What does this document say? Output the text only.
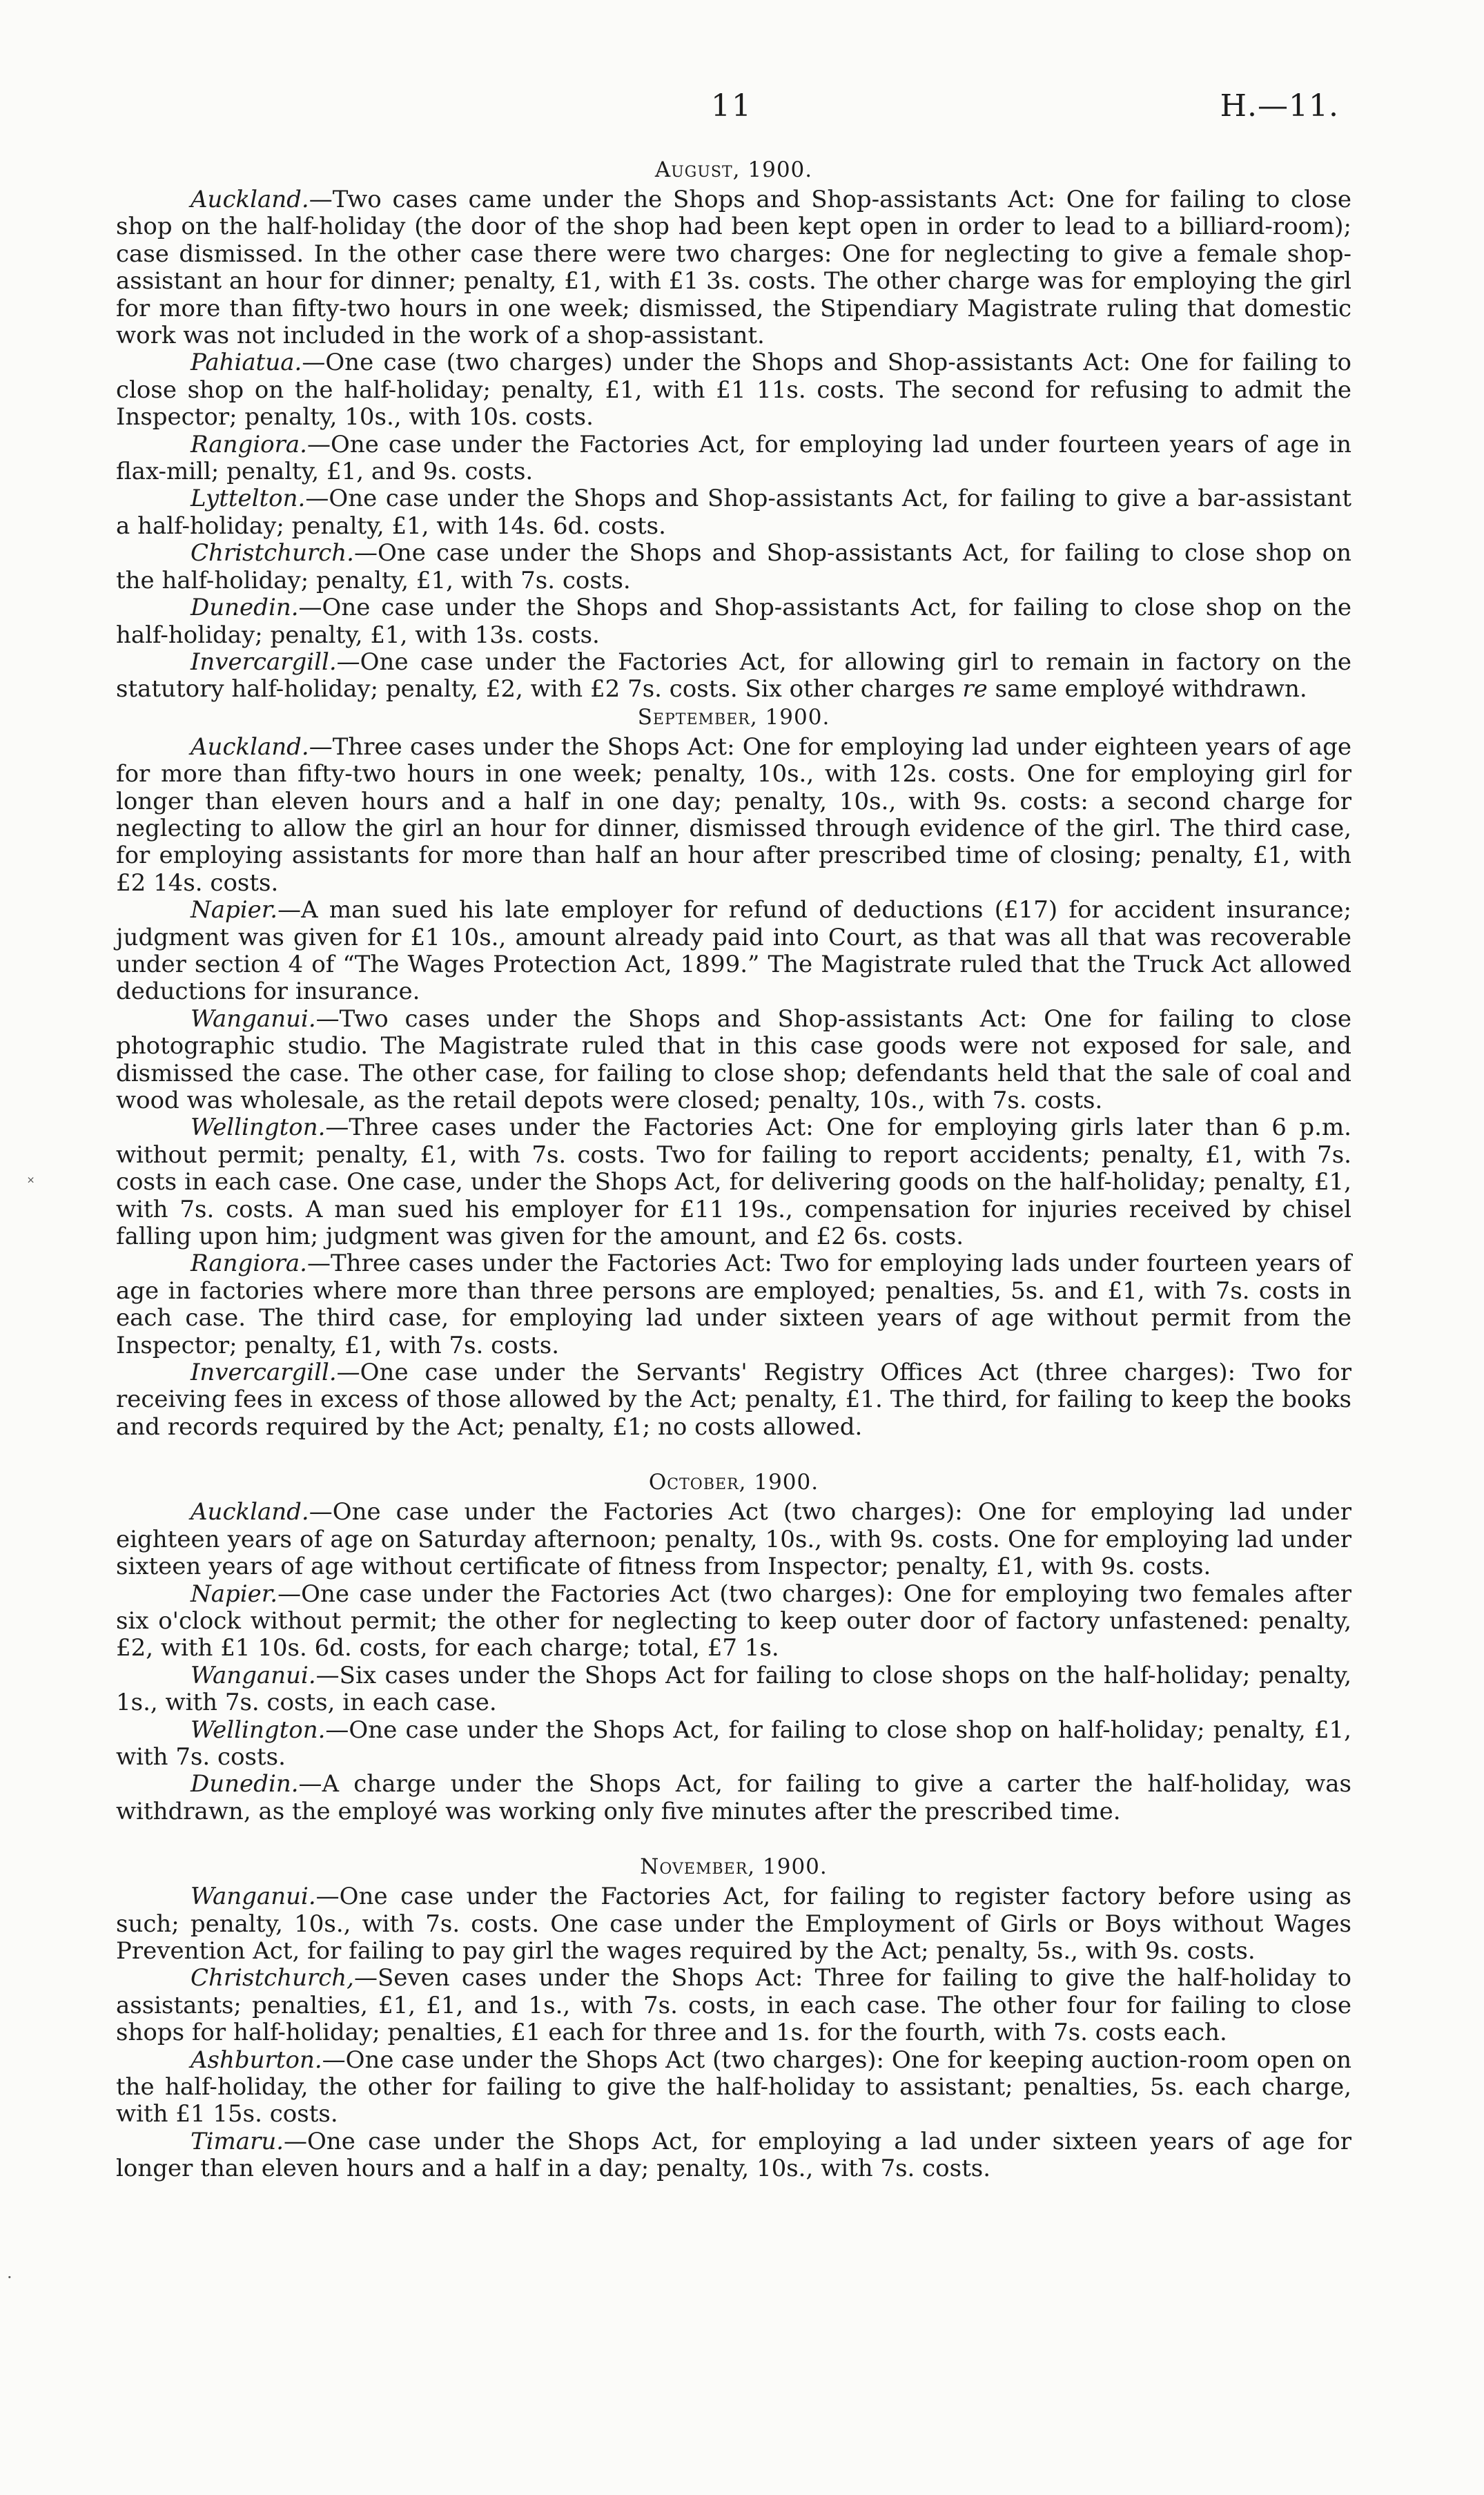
11	H.—11.
August, 1900.

Auckland.—Two cases came under the Shops and Shop-assistants Act: One for failing to close shop on the half-holiday (the door of the shop had been kept open in order to lead to a billiard-room); case dismissed. In the other case there were two charges: One for neglecting to give a female shop-assistant an hour for dinner; penalty, £1, with £1 3s. costs. The other charge was for employing the girl for more than fifty-two hours in one week; dismissed, the Stipendiary Magistrate ruling that domestic work was not included in the work of a shop-assistant.

Pahiatua.—One case (two charges) under the Shops and Shop-assistants Act: One for failing to close shop on the half-holiday; penalty, £1, with £1 11s. costs. The second for refusing to admit the Inspector; penalty, 10s., with 10s. costs.

Rangiora.—One case under the Factories Act, for employing lad under fourteen years of age in flax-mill; penalty, £1, and 9s. costs.

Lyttelton.—One case under the Shops and Shop-assistants Act, for failing to give a bar-assistant a half-holiday; penalty, £1, with 14s. 6d. costs.

Christchurch.—One case under the Shops and Shop-assistants Act, for failing to close shop on the half-holiday; penalty, £1, with 7s. costs.

Dunedin.—One case under the Shops and Shop-assistants Act, for failing to close shop on the half-holiday; penalty, £1, with 13s. costs.

Invercargill.—One case under the Factories Act, for allowing girl to remain in factory on the statutory half-holiday; penalty, £2, with £2 7s. costs. Six other charges re same employé withdrawn.

September, 1900.

Auckland.—Three cases under the Shops Act: One for employing lad under eighteen years of age for more than fifty-two hours in one week; penalty, 10s., with 12s. costs. One for employing girl for longer than eleven hours and a half in one day; penalty, 10s., with 9s. costs: a second charge for neglecting to allow the girl an hour for dinner, dismissed through evidence of the girl. The third case, for employing assistants for more than half an hour after prescribed time of closing; penalty, £1, with £2 14s. costs.

Napier.—A man sued his late employer for refund of deductions (£17) for accident insurance; judgment was given for £1 10s., amount already paid into Court, as that was all that was recoverable under section 4 of “The Wages Protection Act, 1899.” The Magistrate ruled that the Truck Act allowed deductions for insurance.

Wanganui.—Two cases under the Shops and Shop-assistants Act: One for failing to close photographic studio. The Magistrate ruled that in this case goods were not exposed for sale, and dismissed the case. The other case, for failing to close shop; defendants held that the sale of coal and wood was wholesale, as the retail depots were closed; penalty, 10s., with 7s. costs.

Wellington.—Three cases under the Factories Act: One for employing girls later than 6 p.m. without permit; penalty, £1, with 7s. costs. Two for failing to report accidents; penalty, £1, with 7s. costs in each case. One case, under the Shops Act, for delivering goods on the half-holiday; penalty, £1, with 7s. costs. A man sued his employer for £11 19s., compensation for injuries received by chisel falling upon him; judgment was given for the amount, and £2 6s. costs.

Rangiora.—Three cases under the Factories Act: Two for employing lads under fourteen years of age in factories where more than three persons are employed; penalties, 5s. and £1, with 7s. costs in each case. The third case, for employing lad under sixteen years of age without permit from the Inspector; penalty, £1, with 7s. costs.

Invercargill.—One case under the Servants' Registry Offices Act (three charges): Two for receiving fees in excess of those allowed by the Act; penalty, £1. The third, for failing to keep the books and records required by the Act; penalty, £1; no costs allowed.

October, 1900.

Auckland.—One case under the Factories Act (two charges): One for employing lad under eighteen years of age on Saturday afternoon; penalty, 10s., with 9s. costs. One for employing lad under sixteen years of age without certificate of fitness from Inspector; penalty, £1, with 9s. costs.

Napier.—One case under the Factories Act (two charges): One for employing two females after six o'clock without permit; the other for neglecting to keep outer door of factory unfastened: penalty, £2, with £1 10s. 6d. costs, for each charge; total, £7 1s.

Wanganui.—Six cases under the Shops Act for failing to close shops on the half-holiday; penalty, 1s., with 7s. costs, in each case.

Wellington.—One case under the Shops Act, for failing to close shop on half-holiday; penalty, £1, with 7s. costs.

Dunedin.—A charge under the Shops Act, for failing to give a carter the half-holiday, was withdrawn, as the employé was working only five minutes after the prescribed time.

November, 1900.

Wanganui.—One case under the Factories Act, for failing to register factory before using as such; penalty, 10s., with 7s. costs. One case under the Employment of Girls or Boys without Wages Prevention Act, for failing to pay girl the wages required by the Act; penalty, 5s., with 9s. costs.

Christchurch,—Seven cases under the Shops Act: Three for failing to give the half-holiday to assistants; penalties, £1, £1, and 1s., with 7s. costs, in each case. The other four for failing to close shops for half-holiday; penalties, £1 each for three and 1s. for the fourth, with 7s. costs each.

Ashburton.—One case under the Shops Act (two charges): One for keeping auction-room open on the half-holiday, the other for failing to give the half-holiday to assistant; penalties, 5s. each charge, with £1 15s. costs.

Timaru.—One case under the Shops Act, for employing a lad under sixteen years of age for longer than eleven hours and a half in a day; penalty, 10s., with 7s. costs.

˟
·
